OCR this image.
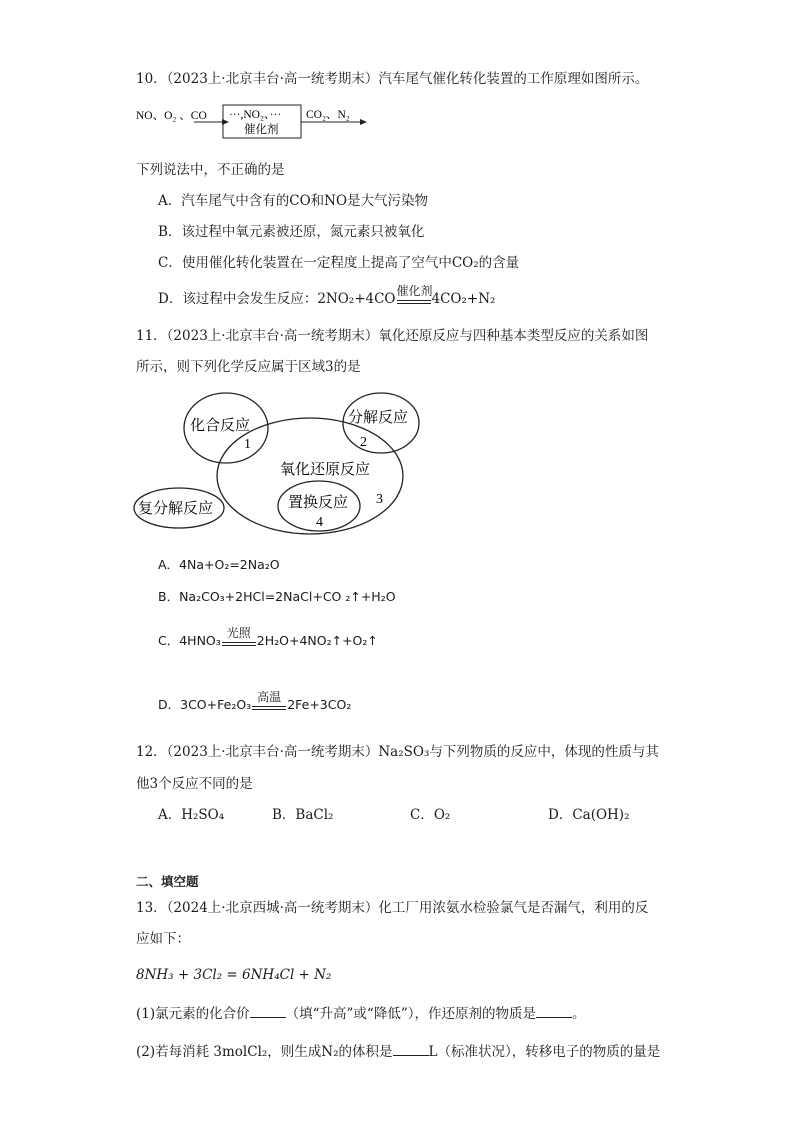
10．（2023上·北京丰台·高一统考期末）汽车尾气催化转化装置的工作原理如图所示。
NO、O₂ 、CO ···,NO₂、···
催化剂
CO₂、N₂
下列说法中，不正确的是
A．汽车尾气中含有的CO和NO是大气污染物
B．该过程中氧元素被还原，氮元素只被氧化
C．使用催化转化装置在一定程度上提高了空气中CO₂的含量
D．该过程中会发生反应：2NO₂+4CO
催化剂
4CO₂+N₂
11．（2023上·北京丰台·高一统考期末）氧化还原反应与四种基本类型反应的关系如图
所示，则下列化学反应属于区域3的是
化合反应
1
分解反应
2
氧化还原反应
3
置换反应
4
复分解反应
A．4Na+O₂=2Na₂O
B．Na₂CO₃+2HCl=2NaCl+CO ₂↑+H₂O
C．4HNO₃
光照
2H₂O+4NO₂↑+O₂↑
D．3CO+Fe₂O₃
高温
2Fe+3CO₂
12．（2023上·北京丰台·高一统考期末）Na₂SO₃与下列物质的反应中，体现的性质与其
他3个反应不同的是
A．H₂SO₄	B．BaCl₂	C．O₂	D．Ca(OH)₂
二、填空题
13．（2024上·北京西城·高一统考期末）化工厂用浓氨水检验氯气是否漏气，利用的反
应如下：
8NH₃ + 3Cl₂ = 6NH₄Cl + N₂
(1)氯元素的化合价	（填“升高”或“降低”），作还原剂的物质是	。
(2)若每消耗 3molCl₂，则生成N₂的体积是	L（标准状况），转移电子的物质的量是
